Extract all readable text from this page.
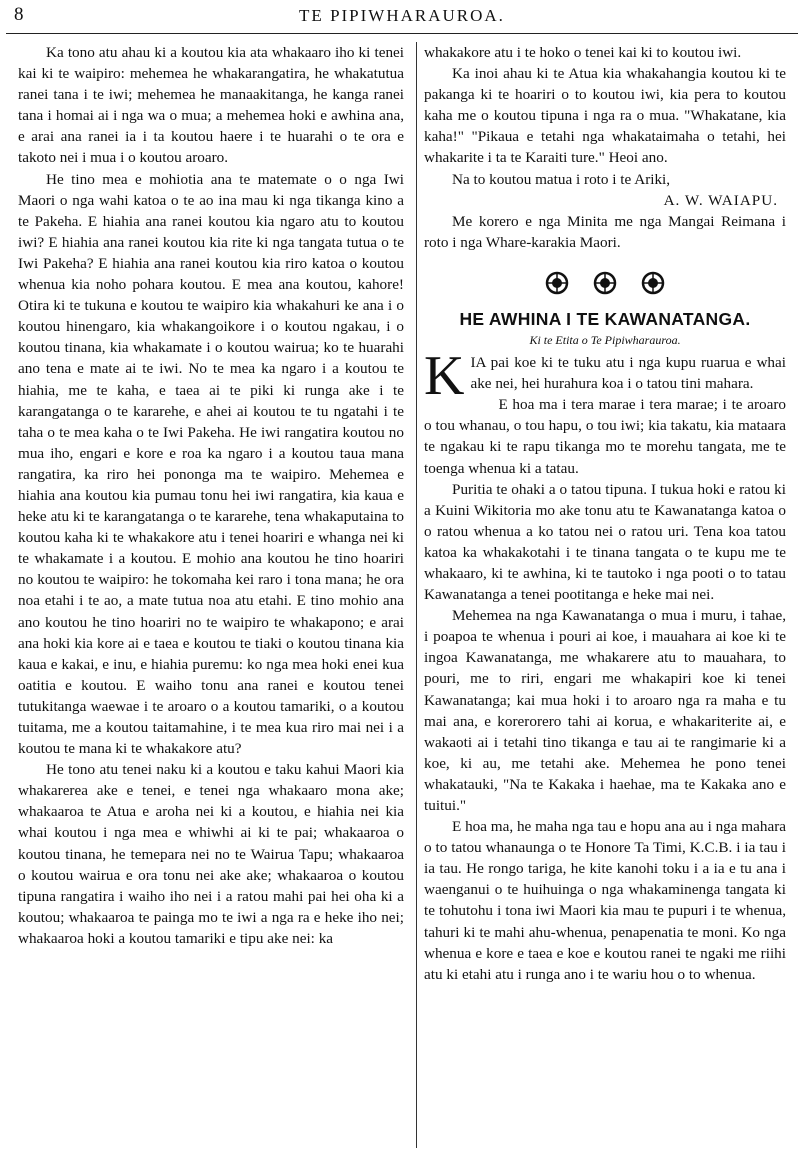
8	TE PIPIWHARAUROA.

Ka tono atu ahau ki a koutou kia ata whakaaro iho ki tenei kai ki te waipiro: mehemea he whakarangatira, he whakatutua ranei tana i te iwi; mehemea he manaakitanga, he kanga ranei tana i homai ai i nga wa o mua; a mehemea hoki e awhina ana, e arai ana ranei ia i ta koutou haere i te huarahi o te ora e takoto nei i mua i o koutou aroaro.

He tino mea e mohiotia ana te matemate o o nga Iwi Maori o nga wahi katoa o te ao ina mau ki nga tikanga kino a te Pakeha. E hiahia ana ranei koutou kia ngaro atu to koutou iwi? E hiahia ana ranei koutou kia rite ki nga tangata tutua o te Iwi Pakeha? E hiahia ana ranei koutou kia riro katoa o koutou whenua kia noho pohara koutou. E mea ana koutou, kahore! Otira ki te tukuna e koutou te waipiro kia whakahuri ke ana i o koutou hinengaro, kia whakangoikore i o koutou ngakau, i o koutou tinana, kia whakamate i o koutou wairua; ko te huarahi ano tena e mate ai te iwi. No te mea ka ngaro i a koutou te hiahia, me te kaha, e taea ai te piki ki runga ake i te karangatanga o te kararehe, e ahei ai koutou te tu ngatahi i te taha o te mea kaha o te Iwi Pakeha. He iwi rangatira koutou no mua iho, engari e kore e roa ka ngaro i a koutou taua mana rangatira, ka riro hei pononga ma te waipiro. Mehemea e hiahia ana koutou kia pumau tonu hei iwi rangatira, kia kaua e heke atu ki te karangatanga o te kararehe, tena whakaputaina to koutou kaha ki te whakakore atu i tenei hoariri e whanga nei ki te whakamate i a koutou. E mohio ana koutou he tino hoariri no koutou te waipiro: he tokomaha kei raro i tona mana; he ora noa etahi i te ao, a mate tutua noa atu etahi. E tino mohio ana ano koutou he tino hoariri no te waipiro te whakapono; e arai ana hoki kia kore ai e taea e koutou te tiaki o koutou tinana kia kaua e kakai, e inu, e hiahia puremu: ko nga mea hoki enei kua oatitia e koutou. E waiho tonu ana ranei e koutou tenei tutukitanga waewae i te aroaro o a koutou tamariki, o a koutou tuitama, me a koutou taitamahine, i te mea kua riro mai nei i a koutou te mana ki te whakakore atu?

He tono atu tenei naku ki a koutou e taku kahui Maori kia whakarerea ake e tenei, e tenei nga whakaaro mona ake; whakaaroa te Atua e aroha nei ki a koutou, e hiahia nei kia whai koutou i nga mea e whiwhi ai ki te pai; whakaaroa o koutou tinana, he temepara nei no te Wairua Tapu; whakaaroa o koutou wairua e ora tonu nei ake ake; whakaaroa o koutou tipuna rangatira i waiho iho nei i a ratou mahi pai hei oha ki a koutou; whakaaroa te painga mo te iwi a nga ra e heke iho nei; whakaaroa hoki a koutou tamariki e tipu ake nei: ka

whakakore atu i te hoko o tenei kai ki to koutou iwi.

Ka inoi ahau ki te Atua kia whakahangia koutou ki te pakanga ki te hoariri o to koutou iwi, kia pera to koutou kaha me o koutou tipuna i nga ra o mua. "Whakatane, kia kaha!" "Pikaua e tetahi nga whakataimaha o tetahi, hei whakarite i ta te Karaiti ture." Heoi ano.

Na to koutou matua i roto i te Ariki,

A. W. WAIAPU.

Me korero e nga Minita me nga Mangai Reimana i roto i nga Whare-karakia Maori.

HE AWHINA I TE KAWANATANGA.
Ki te Etita o Te Pipiwharauroa.

KIA pai koe ki te tuku atu i nga kupu ruarua e whai ake nei, hei hurahura koa i o tatou tini mahara.

E hoa ma i tera marae i tera marae; i te aroaro o tou whanau, o tou hapu, o tou iwi; kia takatu, kia mataara te ngakau ki te rapu tikanga mo te morehu tangata, me te toenga whenua ki a tatau.

Puritia te ohaki a o tatou tipuna. I tukua hoki e ratou ki a Kuini Wikitoria mo ake tonu atu te Kawanatanga katoa o o ratou whenua a ko tatou nei o ratou uri. Tena koa tatou katoa ka whakakotahi i te tinana tangata o te kupu me te whakaaro, ki te awhina, ki te tautoko i nga pooti o to tatau Kawanatanga a tenei pootitanga e heke mai nei.

Mehemea na nga Kawanatanga o mua i muru, i tahae, i poapoa te whenua i pouri ai koe, i mauahara ai koe ki te ingoa Kawanatanga, me whakarere atu to mauahara, to pouri, me to riri, engari me whakapiri koe ki tenei Kawanatanga; kai mua hoki i to aroaro nga ra maha e tu mai ana, e korerorero tahi ai korua, e whakariterite ai, e wakaoti ai i tetahi tino tikanga e tau ai te rangimarie ki a koe, ki au, me tetahi ake. Mehemea he pono tenei whakatauki, "Na te Kakaka i haehae, ma te Kakaka ano e tuitui."

E hoa ma, he maha nga tau e hopu ana au i nga mahara o to tatou whanaunga o te Honore Ta Timi, K.C.B. i ia tau i ia tau. He rongo tariga, he kite kanohi toku i a ia e tu ana i waenganui o te huihuinga o nga whakaminenga tangata ki te tohutohu i tona iwi Maori kia mau te pupuri i te whenua, tahuri ki te mahi ahu-whenua, penapenatia te moni. Ko nga whenua e kore e taea e koe e koutou ranei te ngaki me riihi atu ki etahi atu i runga ano i te wariu hou o to whenua.
